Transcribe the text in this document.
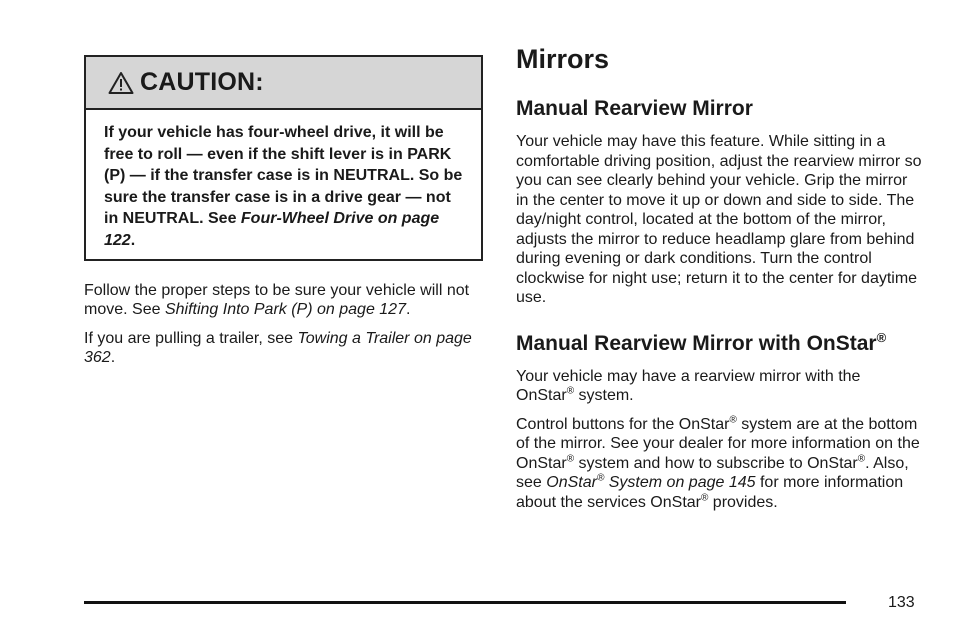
CAUTION:
If your vehicle has four-wheel drive, it will be free to roll — even if the shift lever is in PARK (P) — if the transfer case is in NEUTRAL. So be sure the transfer case is in a drive gear — not in NEUTRAL. See Four-Wheel Drive on page 122.

Follow the proper steps to be sure your vehicle will not move. See Shifting Into Park (P) on page 127.

If you are pulling a trailer, see Towing a Trailer on page 362.

Mirrors
Manual Rearview Mirror

Your vehicle may have this feature. While sitting in a comfortable driving position, adjust the rearview mirror so you can see clearly behind your vehicle. Grip the mirror in the center to move it up or down and side to side. The day/night control, located at the bottom of the mirror, adjusts the mirror to reduce headlamp glare from behind during evening or dark conditions. Turn the control clockwise for night use; return it to the center for daytime use.

Manual Rearview Mirror with OnStar®

Your vehicle may have a rearview mirror with the OnStar® system.

Control buttons for the OnStar® system are at the bottom of the mirror. See your dealer for more information on the OnStar® system and how to subscribe to OnStar®. Also, see OnStar® System on page 145 for more information about the services OnStar® provides.

133
